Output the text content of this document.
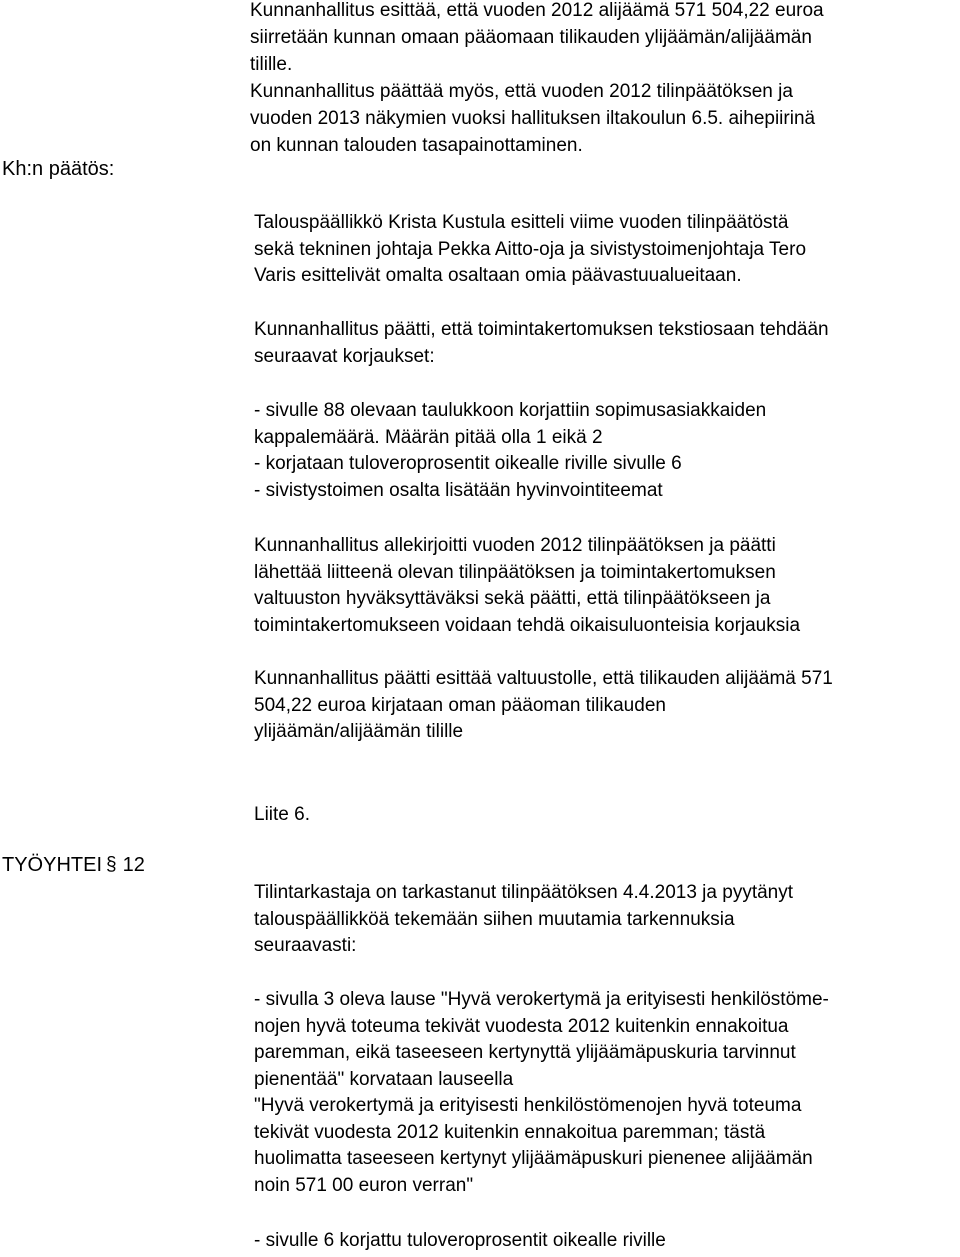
Kh:n päätös:
TYÖYHTEI § 12
Kunnanhallitus esittää, että vuoden 2012 alijäämä 571 504,22 euroa
siirretään kunnan omaan pääomaan tilikauden ylijäämän/alijäämän
tilille.
Kunnanhallitus päättää myös, että vuoden 2012 tilinpäätöksen ja
vuoden 2013 näkymien vuoksi hallituksen iltakoulun 6.5. aihepiirinä
on kunnan talouden tasapainottaminen.
Talouspäällikkö Krista Kustula esitteli viime vuoden tilinpäätöstä
sekä tekninen johtaja Pekka Aitto-oja ja sivistystoimenjohtaja Tero
Varis esittelivät omalta osaltaan omia päävastuualueitaan.
Kunnanhallitus päätti, että toimintakertomuksen tekstiosaan tehdään
seuraavat korjaukset:
- sivulle 88 olevaan taulukkoon korjattiin sopimusasiakkaiden
kappalemäärä. Määrän pitää olla 1 eikä 2
- korjataan tuloveroprosentit oikealle riville sivulle 6
- sivistystoimen osalta lisätään hyvinvointiteemat
Kunnanhallitus allekirjoitti vuoden 2012 tilinpäätöksen ja päätti
lähettää liitteenä olevan tilinpäätöksen ja toimintakertomuksen
valtuuston hyväksyttäväksi sekä päätti, että tilinpäätökseen ja
toimintakertomukseen voidaan tehdä oikaisuluonteisia korjauksia
Kunnanhallitus päätti esittää valtuustolle, että tilikauden alijäämä 571
504,22 euroa kirjataan oman pääoman tilikauden
ylijäämän/alijäämän tilille
Liite 6.
Tilintarkastaja on tarkastanut tilinpäätöksen 4.4.2013 ja pyytänyt
talouspäällikköä tekemään siihen muutamia tarkennuksia
seuraavasti:
- sivulla 3 oleva lause "Hyvä verokertymä ja erityisesti henkilöstöme-
nojen hyvä toteuma tekivät vuodesta 2012 kuitenkin ennakoitua
paremman, eikä taseeseen kertynyttä ylijäämäpuskuria tarvinnut
pienentää" korvataan lauseella
"Hyvä verokertymä ja erityisesti henkilöstömenojen hyvä toteuma
tekivät vuodesta 2012 kuitenkin ennakoitua paremman; tästä
huolimatta taseeseen kertynyt ylijäämäpuskuri pienenee alijäämän
noin 571 00 euron verran"
- sivulle 6 korjattu tuloveroprosentit oikealle riville
